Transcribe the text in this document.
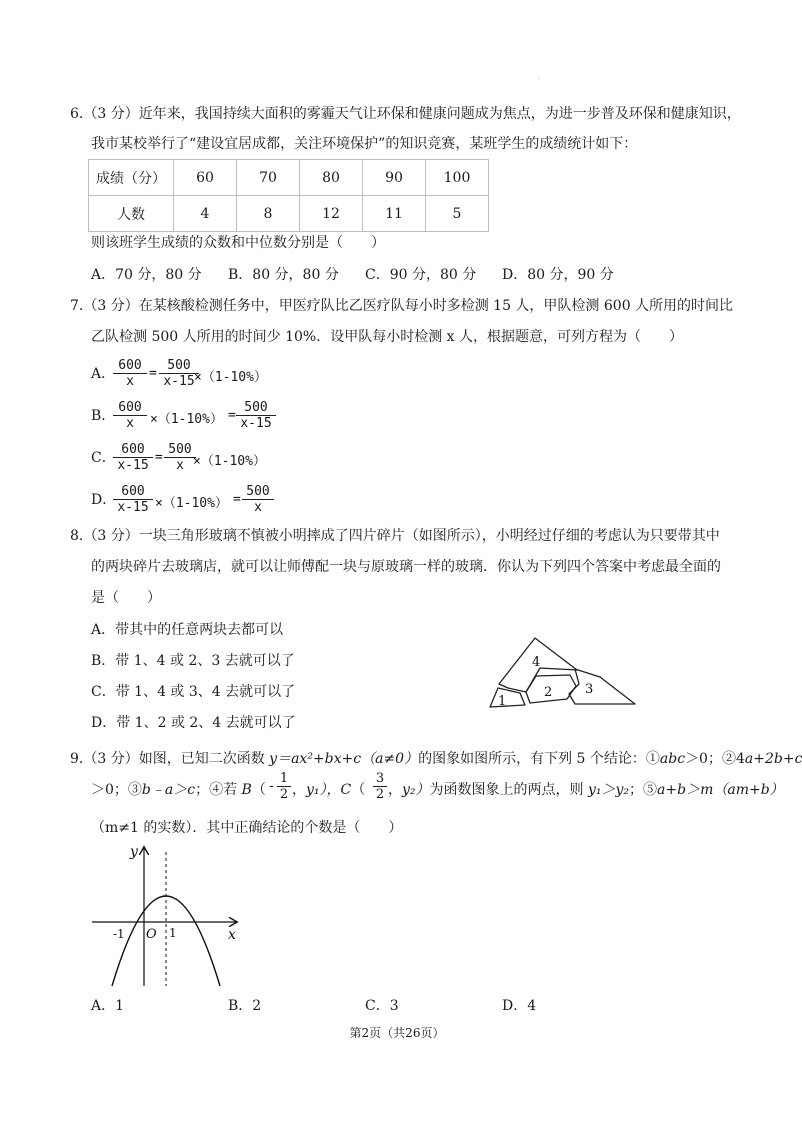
·
6.（3 分）近年来，我国持续大面积的雾霾天气让环保和健康问题成为焦点，为进一步普及环保和健康知识，
我市某校举行了“建设宜居成都，关注环境保护”的知识竞赛，某班学生的成绩统计如下：
成绩（分）	60	70	80	90	100
人数	4	8	12	11	5
则该班学生成绩的众数和中位数分别是（　　）
A．70 分，80 分 B．80 分，80 分 C．90 分，80 分 D．80 分，90 分
7.（3 分）在某核酸检测任务中，甲医疗队比乙医疗队每小时多检测 15 人，甲队检测 600 人所用的时间比
乙队检测 500 人所用的时间少 10%．设甲队每小时检测 x 人，根据题意，可列方程为（　　）
A．
$\frac{600}{x} = \frac{500}{x-15}$
×（1-10%）
B．
$\frac{600}{x} \times(1-10\%) = \frac{500}{x-15}$
C．
$\frac{600}{x-15} = \frac{500}{x}$
×（1-10%）
D．
$\frac{600}{x-15} \times(1-10\%) = \frac{500}{x}$
8.（3 分）一块三角形玻璃不慎被小明摔成了四片碎片（如图所示），小明经过仔细的考虑认为只要带其中
的两块碎片去玻璃店，就可以让师傅配一块与原玻璃一样的玻璃．你认为下列四个答案中考虑最全面的
是（　　）
A．带其中的任意两块去都可以
B．带 1、4 或 2、3 去就可以了
C．带 1、4 或 3、4 去就可以了
D．带 1、2 或 2、4 去就可以了
4
2	3
1
9.（3 分）如图，已知二次函数 y＝ax²+bx+c（a≠0）的图象如图所示，有下列 5 个结论：①abc＞0；②4a+2b+c
＞0；③b﹣a＞c；④若 $B( - \frac{1}{2}$ ，y₁），$C( \frac{3}{2}$ ，y₂）为函数图象上的两点，则 y₁＞y₂；⑤a+b＞m（am+b）
（m≠1 的实数）．其中正确结论的个数是（　　）
y
x
O
-1	1
A．1	B．2	C．3	D．4
第2页（共26页）
